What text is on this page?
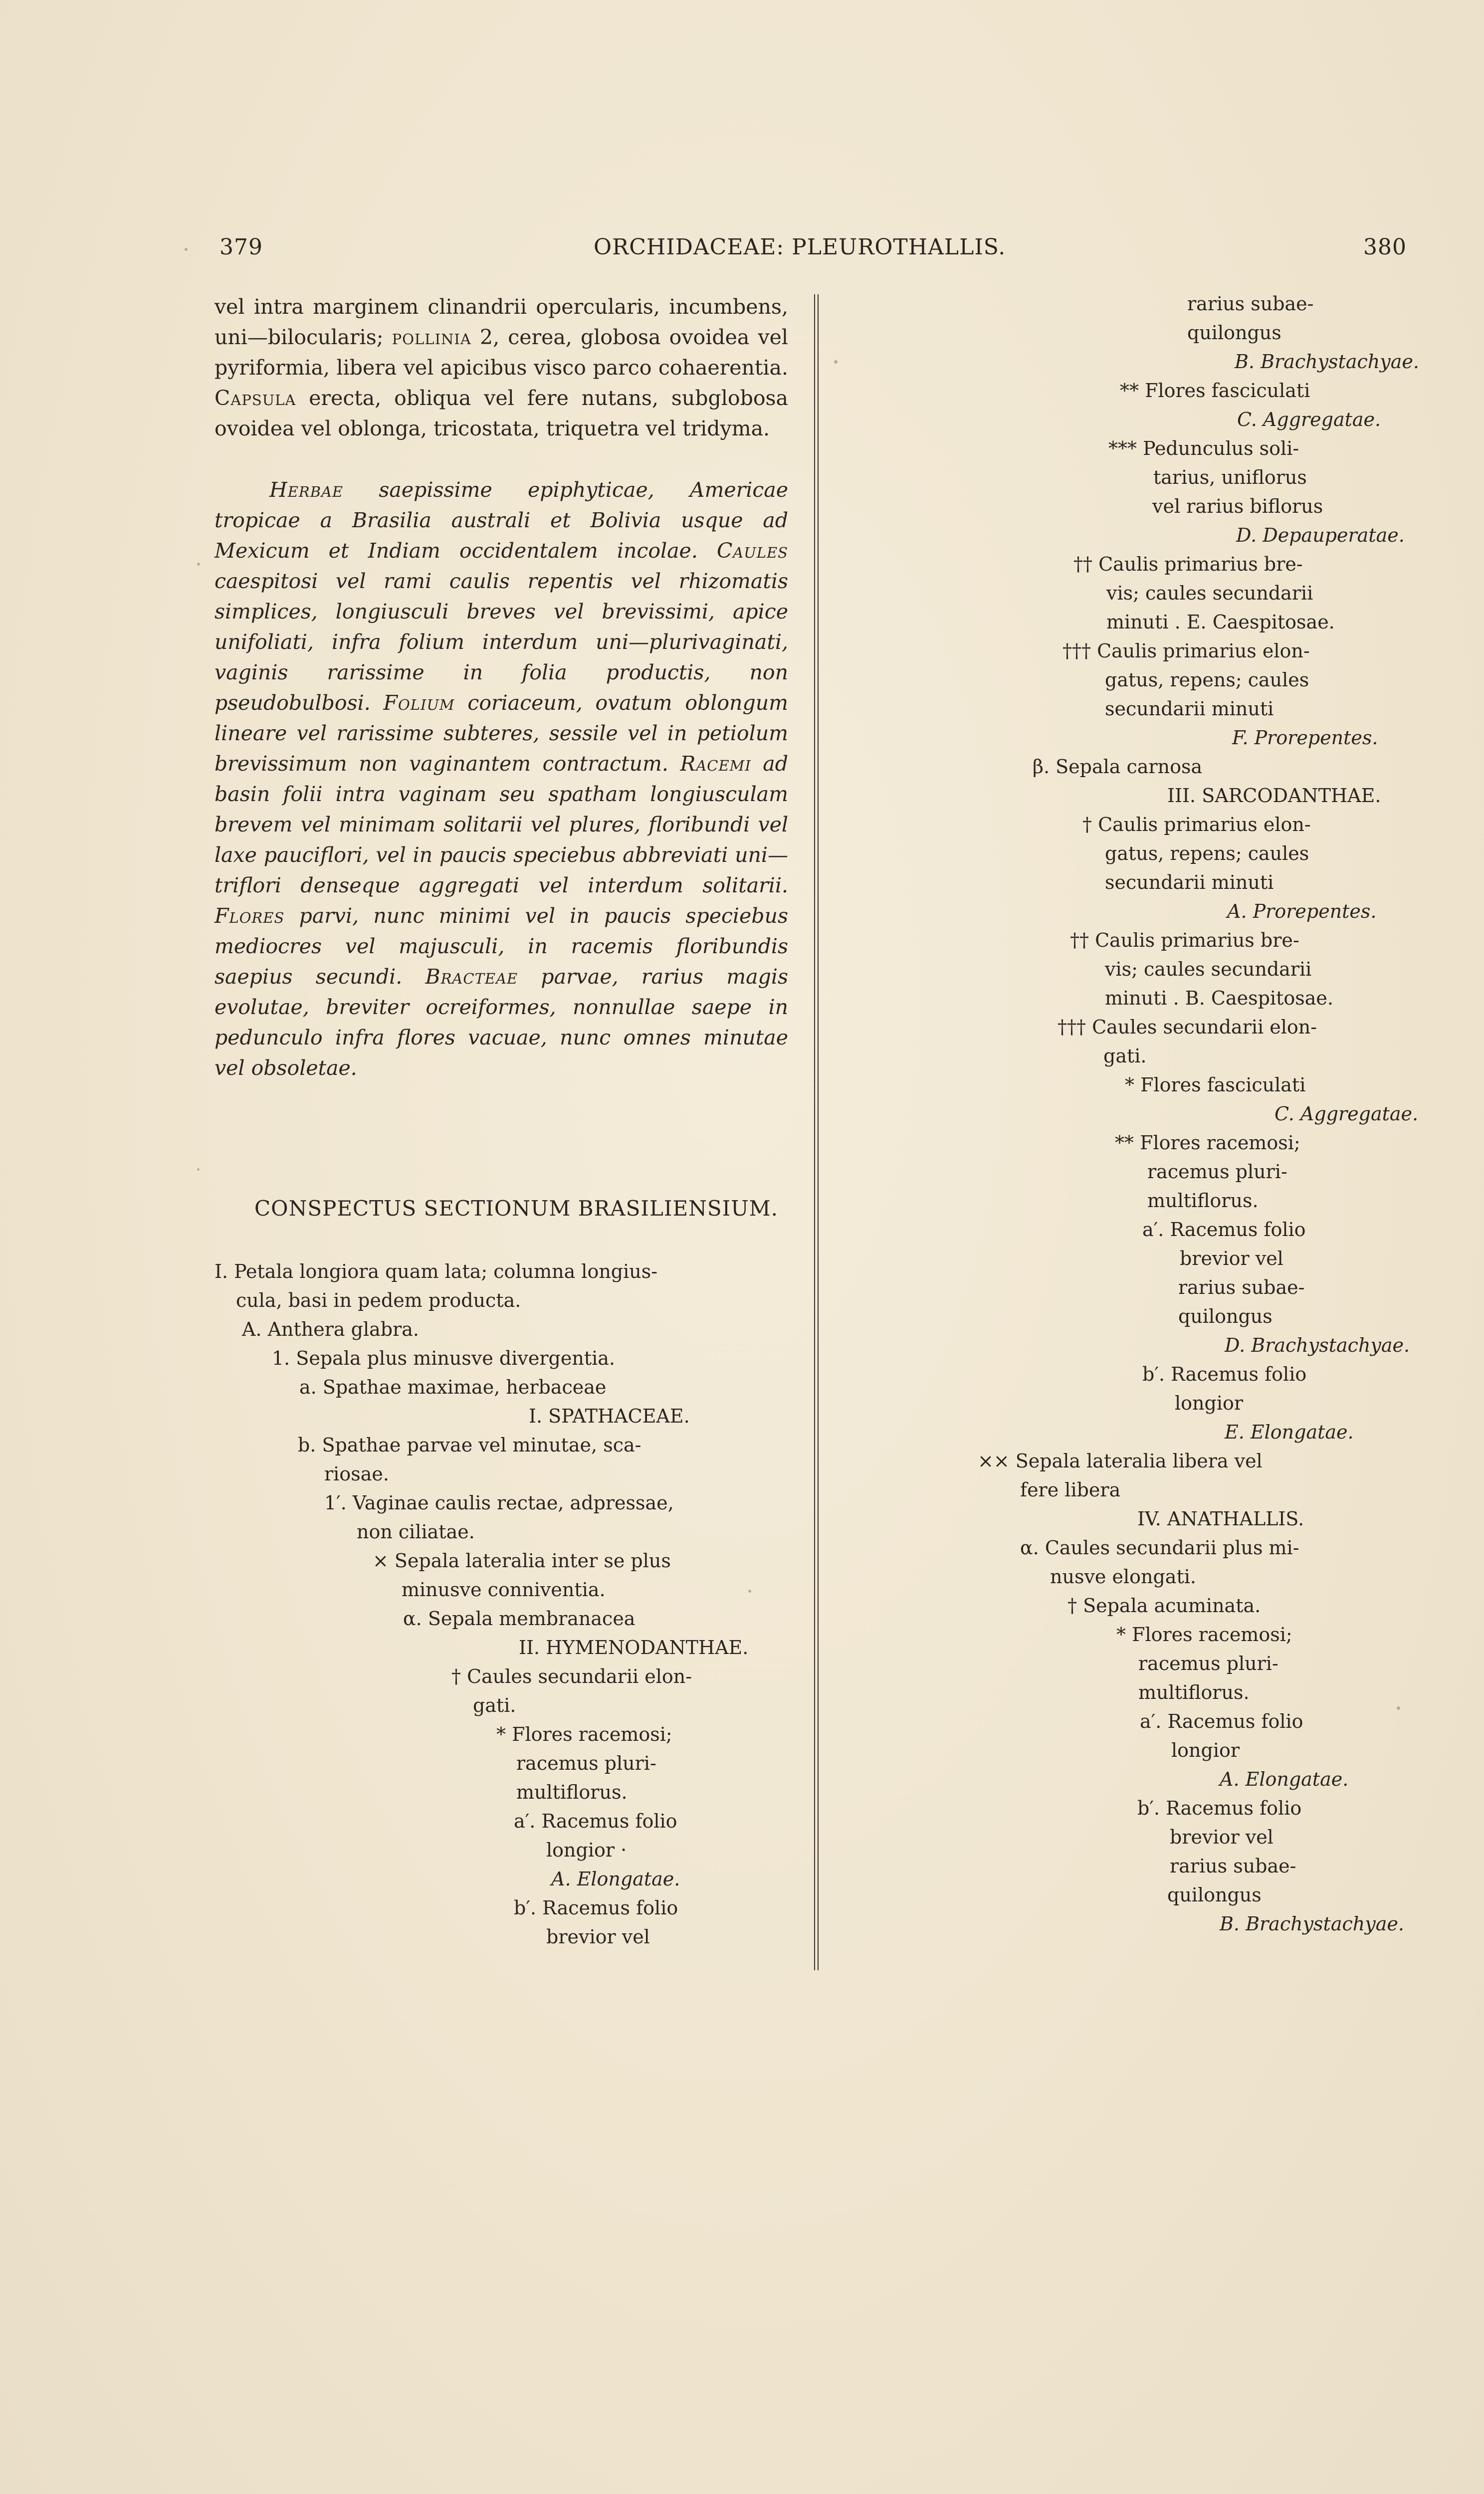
379	ORCHIDACEAE: PLEUROTHALLIS.	380

vel intra marginem clinandrii opercularis, incumbens, uni—bilocularis; pollinia 2, cerea, globosa ovoidea vel pyriformia, libera vel apicibus visco parco cohaerentia. Capsula erecta, obliqua vel fere nutans, subglobosa ovoidea vel oblonga, tricostata, triquetra vel tridyma.

Herbae saepissime epiphyticae, Americae tropicae a Brasilia australi et Bolivia usque ad Mexicum et Indiam occidentalem incolae. Caules caespitosi vel rami caulis repentis vel rhizomatis simplices, longiusculi breves vel brevissimi, apice unifoliati, infra folium interdum uni—plurivaginati, vaginis rarissime in folia productis, non pseudobulbosi. Folium coriaceum, ovatum oblongum lineare vel rarissime subteres, sessile vel in petiolum brevissimum non vaginantem contractum. Racemi ad basin folii intra vaginam seu spatham longiusculam brevem vel minimam solitarii vel plures, floribundi vel laxe pauciflori, vel in paucis speciebus abbreviati uni—triflori denseque aggregati vel interdum solitarii. Flores parvi, nunc minimi vel in paucis speciebus mediocres vel majusculi, in racemis floribundis saepius secundi. Bracteae parvae, rarius magis evolutae, breviter ocreiformes, nonnullae saepe in pedunculo infra flores vacuae, nunc omnes minutae vel obsoletae.

CONSPECTUS SECTIONUM BRASILIENSIUM.
I. Petala longiora quam lata; columna longius-
cula, basi in pedem producta.
A. Anthera glabra.
1. Sepala plus minusve divergentia.
a. Spathae maximae, herbaceae
I. SPATHACEAE.
b. Spathae parvae vel minutae, sca-
riosae.
1′. Vaginae caulis rectae, adpressae,
non ciliatae.
× Sepala lateralia inter se plus
minusve conniventia.
α. Sepala membranacea
II. HYMENODANTHAE.
† Caules secundarii elon-
gati.
* Flores racemosi;
racemus pluri-
multiflorus.
a′. Racemus folio
longior ·
A. Elongatae.
b′. Racemus folio
brevior vel
rarius subae-
quilongus
B. Brachystachyae.
** Flores fasciculati
C. Aggregatae.
*** Pedunculus soli-
tarius, uniflorus
vel rarius biflorus
D. Depauperatae.
†† Caulis primarius bre-
vis; caules secundarii
minuti . E. Caespitosae.
††† Caulis primarius elon-
gatus, repens; caules
secundarii minuti
F. Prorepentes.
β. Sepala carnosa
III. SARCODANTHAE.
† Caulis primarius elon-
gatus, repens; caules
secundarii minuti
A. Prorepentes.
†† Caulis primarius bre-
vis; caules secundarii
minuti . B. Caespitosae.
††† Caules secundarii elon-
gati.
* Flores fasciculati
C. Aggregatae.
** Flores racemosi;
racemus pluri-
multiflorus.
a′. Racemus folio
brevior vel
rarius subae-
quilongus
D. Brachystachyae.
b′. Racemus folio
longior
E. Elongatae.
×× Sepala lateralia libera vel
fere libera
IV. ANATHALLIS.
α. Caules secundarii plus mi-
nusve elongati.
† Sepala acuminata.
* Flores racemosi;
racemus pluri-
multiflorus.
a′. Racemus folio
longior
A. Elongatae.
b′. Racemus folio
brevior vel
rarius subae-
quilongus
B. Brachystachyae.
